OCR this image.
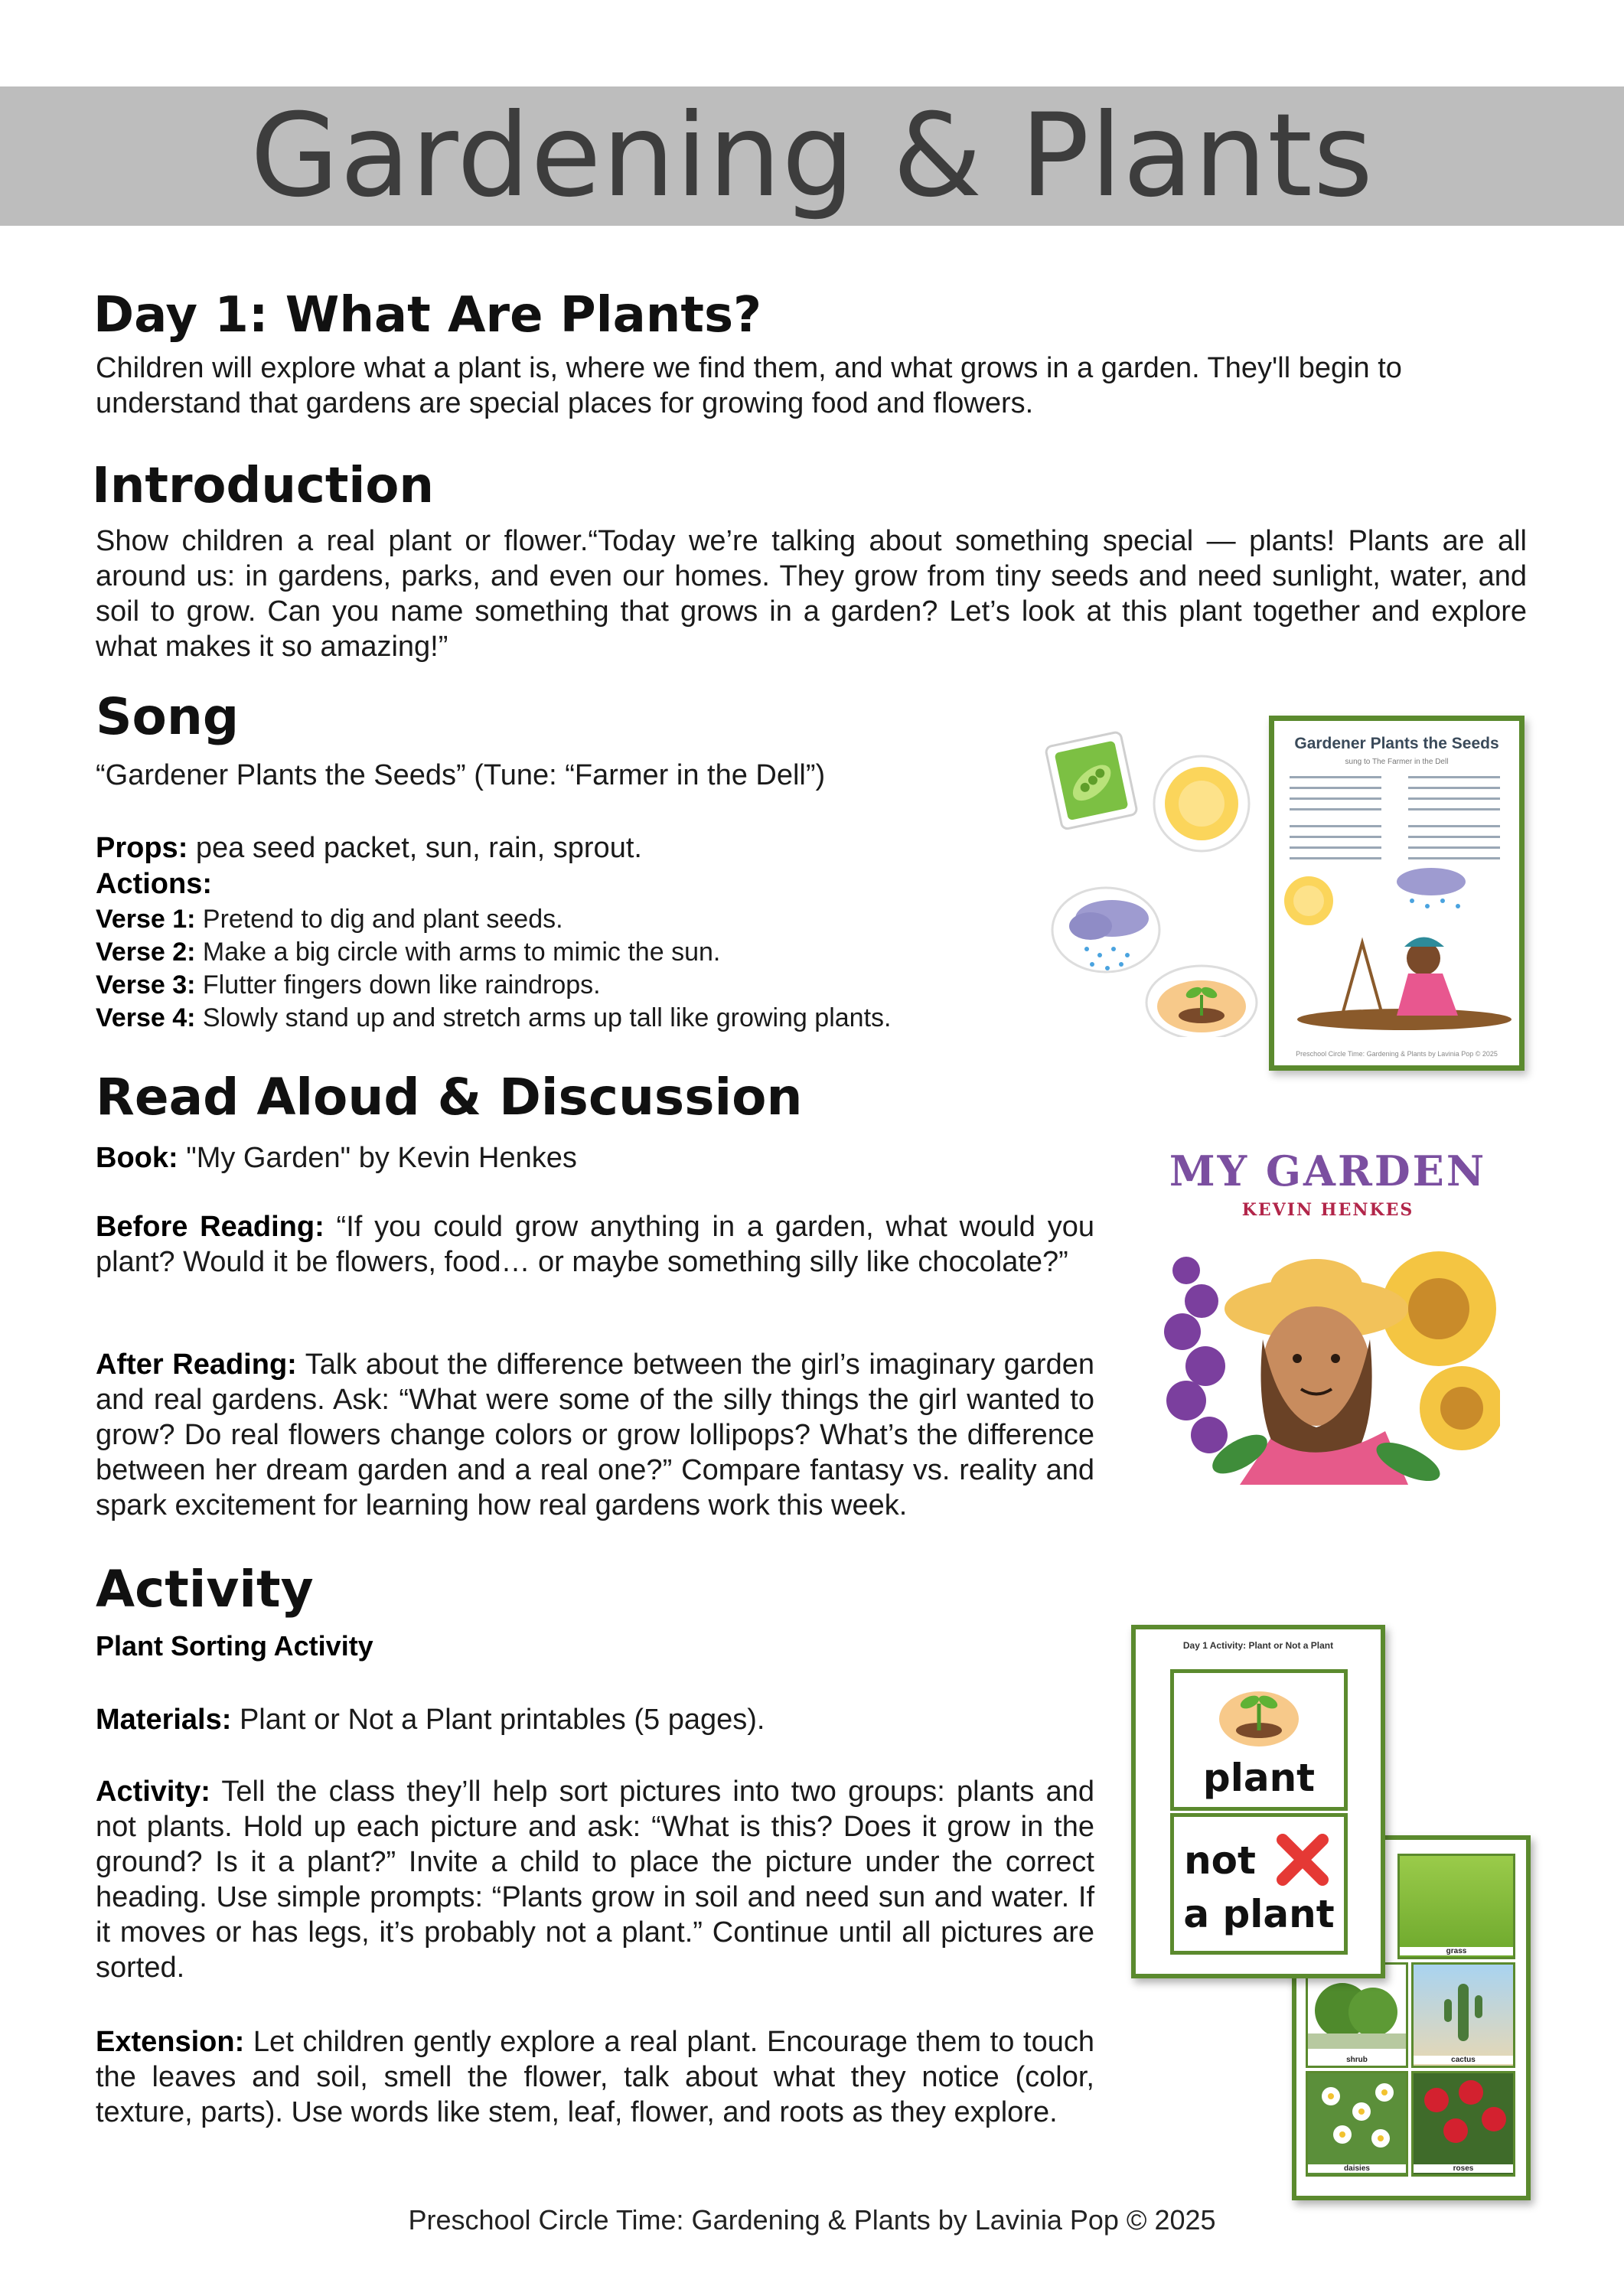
Gardening & Plants
Day 1: What Are Plants?

Children will explore what a plant is, where we find them, and what grows in a garden. They'll begin to understand that gardens are special places for growing food and flowers.

Introduction

Show children a real plant or flower.“Today we’re talking about something special — plants! Plants are all around us: in gardens, parks, and even our homes. They grow from tiny seeds and need sunlight, water, and soil to grow. Can you name something that grows in a garden? Let’s look at this plant together and explore what makes it so amazing!”

Song

“Gardener Plants the Seeds” (Tune: “Farmer in the Dell”)

Props: pea seed packet, sun, rain, sprout.
Actions:
Verse 1: Pretend to dig and plant seeds.
Verse 2: Make a big circle with arms to mimic the sun.
Verse 3: Flutter fingers down like raindrops.
Verse 4: Slowly stand up and stretch arms up tall like growing plants.
Gardener Plants the Seeds
sung to The Farmer in the Dell
Preschool Circle Time: Gardening & Plants by Lavinia Pop © 2025
Read Aloud & Discussion
Book: "My Garden" by Kevin Henkes
Before Reading: “If you could grow anything in a garden, what would you plant? Would it be flowers, food… or maybe something silly like chocolate?”
After Reading: Talk about the difference between the girl’s imaginary garden and real gardens. Ask: “What were some of the silly things the girl wanted to grow? Do real flowers change colors or grow lollipops? What’s the difference between her dream garden and a real one?” Compare fantasy vs. reality and spark excitement for learning how real gardens work this week.
MY GARDEN
KEVIN HENKES
Activity
Plant Sorting Activity
Materials: Plant or Not a Plant printables (5 pages).
Activity: Tell the class they’ll help sort pictures into two groups: plants and not plants. Hold up each picture and ask: “What is this? Does it grow in the ground? Is it a plant?” Invite a child to place the picture under the correct heading. Use simple prompts: “Plants grow in soil and need sun and water. If it moves or has legs, it’s probably not a plant.” Continue until all pictures are sorted.
Extension: Let children gently explore a real plant. Encourage them to touch the leaves and soil, smell the flower, talk about what they notice (color, texture, parts). Use words like stem, leaf, flower, and roots as they explore.
grass
shrub	cactus
daisies	roses
Day 1 Activity: Plant or Not a Plant
plant
not
a plant
Preschool Circle Time: Gardening & Plants by Lavinia Pop © 2025
